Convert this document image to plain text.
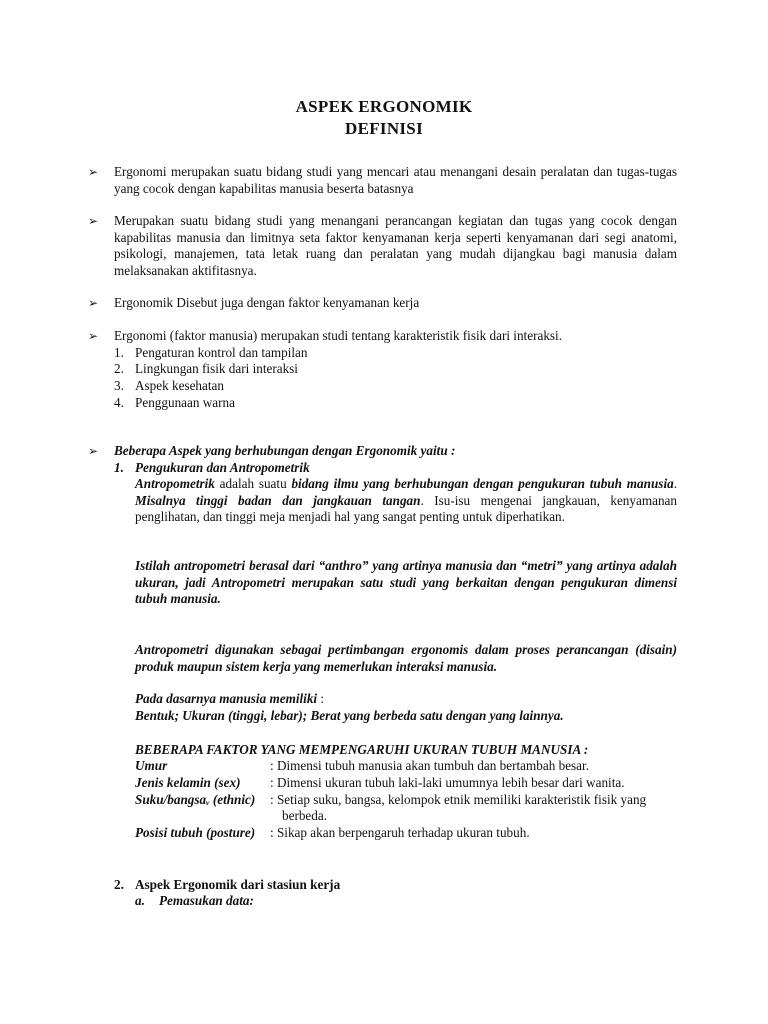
ASPEK ERGONOMIK
DEFINISI
➢ Ergonomi merupakan suatu bidang studi yang mencari atau menangani desain peralatan dan tugas-tugas yang cocok dengan kapabilitas manusia beserta batasnya
➢ Merupakan suatu bidang studi yang menangani perancangan kegiatan dan tugas yang cocok dengan kapabilitas manusia dan limitnya seta faktor kenyamanan kerja seperti kenyamanan dari segi anatomi, psikologi, manajemen, tata letak ruang dan peralatan yang mudah dijangkau bagi manusia dalam melaksanakan aktifitasnya.
➢ Ergonomik Disebut juga dengan faktor kenyamanan kerja
➢ Ergonomi (faktor manusia) merupakan studi tentang karakteristik fisik dari interaksi.
1. Pengaturan kontrol dan tampilan
2. Lingkungan fisik dari interaksi
3. Aspek kesehatan
4. Penggunaan warna
➢ Beberapa Aspek yang berhubungan dengan Ergonomik yaitu :
1. Pengukuran dan Antropometrik
Antropometrik adalah suatu bidang ilmu yang berhubungan dengan pengukuran tubuh manusia. Misalnya tinggi badan dan jangkauan tangan. Isu-isu mengenai jangkauan, kenyamanan penglihatan, dan tinggi meja menjadi hal yang sangat penting untuk diperhatikan.
Istilah antropometri berasal dari “anthro” yang artinya manusia dan “metri” yang artinya adalah ukuran, jadi Antropometri merupakan satu studi yang berkaitan dengan pengukuran dimensi tubuh manusia.
Antropometri digunakan sebagai pertimbangan ergonomis dalam proses perancangan (disain) produk maupun sistem kerja yang memerlukan interaksi manusia.
Pada dasarnya manusia memiliki :
Bentuk; Ukuran (tinggi, lebar); Berat yang berbeda satu dengan yang lainnya.
BEBERAPA FAKTOR YANG MEMPENGARUHI UKURAN TUBUH MANUSIA :
Umur	: Dimensi tubuh manusia akan tumbuh dan bertambah besar.
Jenis kelamin (sex) : Dimensi ukuran tubuh laki-laki umumnya lebih besar dari wanita.
Suku/bangsaᵥ (ethnic) : Setiap suku, bangsa, kelompok etnik memiliki karakteristik fisik yang
berbeda.
Posisi tubuh (posture) : Sikap akan berpengaruh terhadap ukuran tubuh.
2. Aspek Ergonomik dari stasiun kerja
a. Pemasukan data:
